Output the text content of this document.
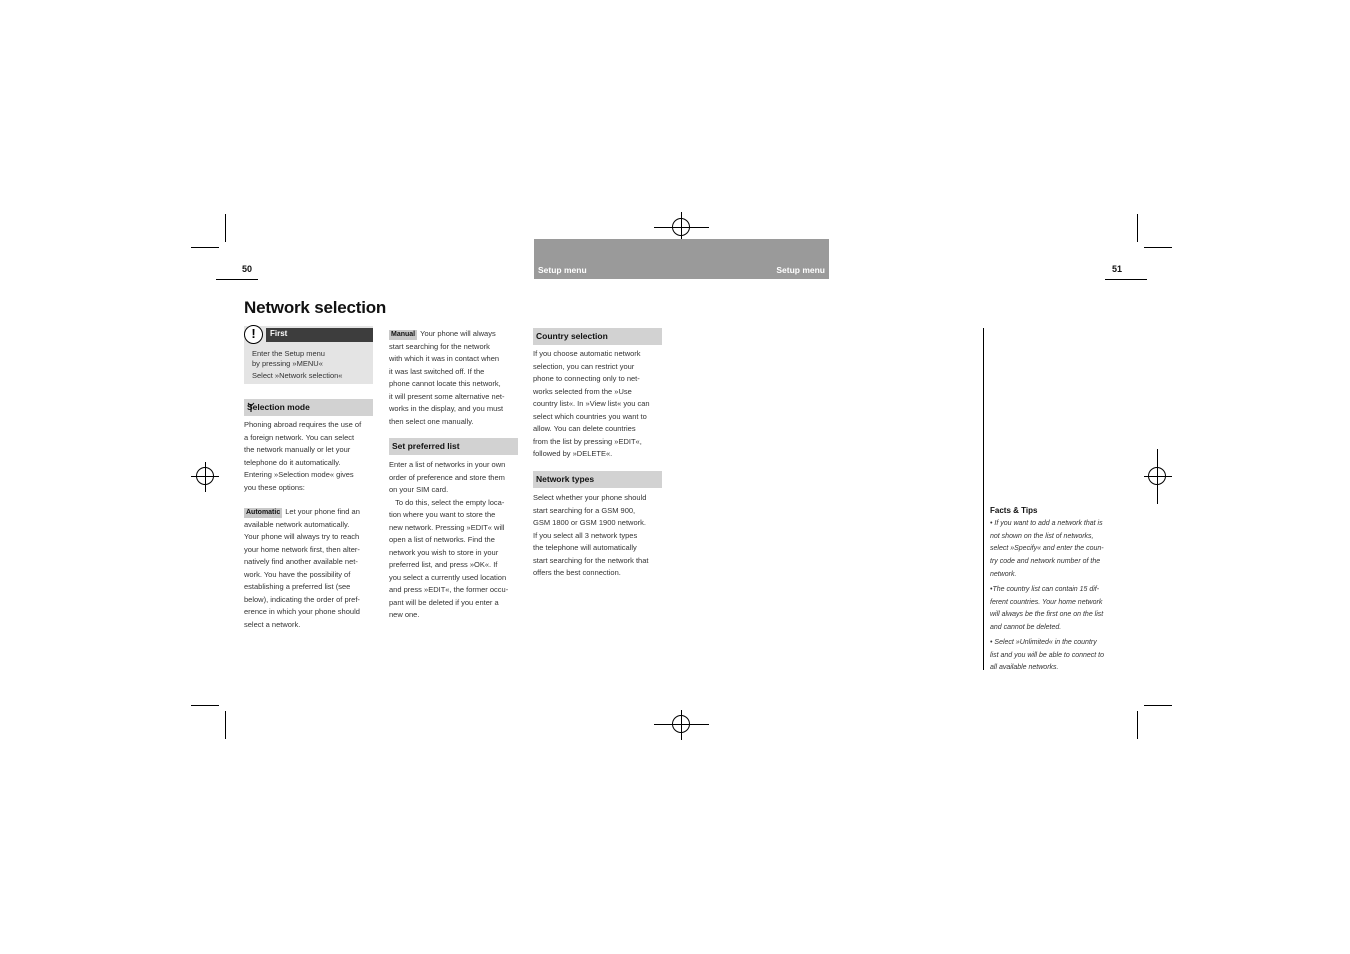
50	51
Setup menu	Setup menu
Network selection
First
!
Enter the Setup menu
by pressing »MENU«
Select »Network selection«
Selection mode
Phoning abroad requires the use of
a foreign network. You can select
the network manually or let your
telephone do it automatically.
Entering »Selection mode« gives
you these options:
Automatic Let your phone find an
available network automatically.
Your phone will always try to reach
your home network first, then alter-
natively find another available net-
work. You have the possibility of
establishing a preferred list (see
below), indicating the order of pref-
erence in which your phone should
select a network.
Manual Your phone will always
start searching for the network
with which it was in contact when
it was last switched off. If the
phone cannot locate this network,
it will present some alternative net-
works in the display, and you must
then select one manually.
Set preferred list
Enter a list of networks in your own
order of preference and store them
on your SIM card.
To do this, select the empty loca-
tion where you want to store the
new network. Pressing »EDIT« will
open a list of networks. Find the
network you wish to store in your
preferred list, and press »OK«. If
you select a currently used location
and press »EDIT«, the former occu-
pant will be deleted if you enter a
new one.
Country selection
If you choose automatic network
selection, you can restrict your
phone to connecting only to net-
works selected from the »Use
country list«. In »View list« you can
select which countries you want to
allow. You can delete countries
from the list by pressing »EDIT«,
followed by »DELETE«.
Network types
Select whether your phone should
start searching for a GSM 900,
GSM 1800 or GSM 1900 network.
If you select all 3 network types
the telephone will automatically
start searching for the network that
offers the best connection.
Facts & Tips
• If you want to add a network that is
not shown on the list of networks,
select »Specify« and enter the coun-
try code and network number of the
network.
•The country list can contain 15 dif-
ferent countries. Your home network
will always be the first one on the list
and cannot be deleted.
• Select »Unlimited« in the country
list and you will be able to connect to
all available networks.
